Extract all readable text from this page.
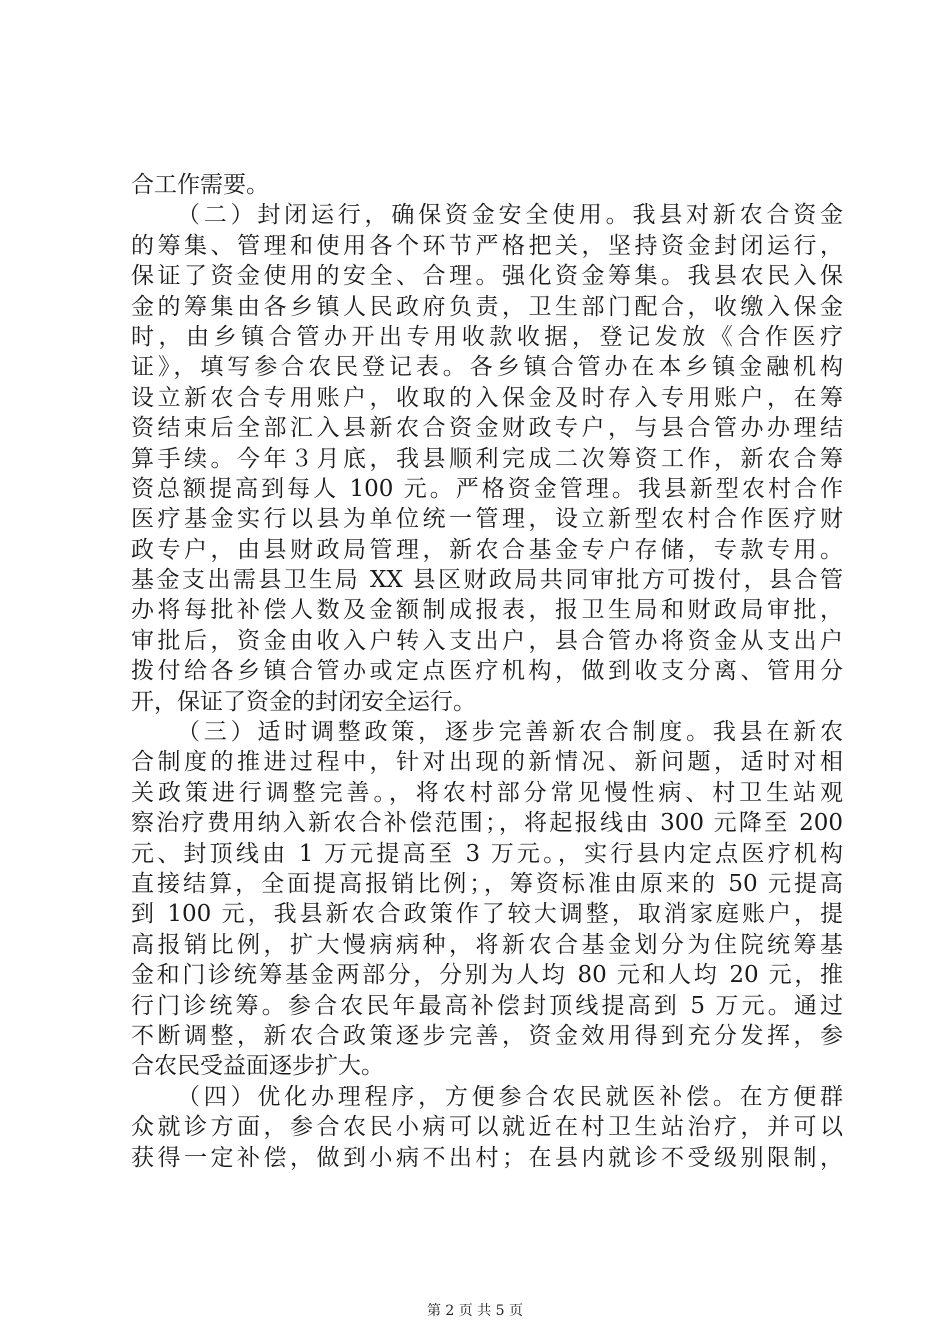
合工作需要。
（二）封闭运行，确保资金安全使用。我县对新农合资金
的筹集、管理和使用各个环节严格把关，坚持资金封闭运行，
保证了资金使用的安全、合理。强化资金筹集。我县农民入保
金的筹集由各乡镇人民政府负责，卫生部门配合，收缴入保金
时，由乡镇合管办开出专用收款收据，登记发放《合作医疗
证》，填写参合农民登记表。各乡镇合管办在本乡镇金融机构
设立新农合专用账户，收取的入保金及时存入专用账户，在筹
资结束后全部汇入县新农合资金财政专户，与县合管办办理结
算手续。今年３月底，我县顺利完成二次筹资工作，新农合筹
资总额提高到每人 100 元。严格资金管理。我县新型农村合作
医疗基金实行以县为单位统一管理，设立新型农村合作医疗财
政专户，由县财政局管理，新农合基金专户存储，专款专用。
基金支出需县卫生局 XX 县区财政局共同审批方可拨付，县合管
办将每批补偿人数及金额制成报表，报卫生局和财政局审批，
审批后，资金由收入户转入支出户，县合管办将资金从支出户
拨付给各乡镇合管办或定点医疗机构，做到收支分离、管用分
开，保证了资金的封闭安全运行。
（三）适时调整政策，逐步完善新农合制度。我县在新农
合制度的推进过程中，针对出现的新情况、新问题，适时对相
关政策进行调整完善。，将农村部分常见慢性病、村卫生站观
察治疗费用纳入新农合补偿范围；，将起报线由 300 元降至 200
元、封顶线由 1 万元提高至 3 万元。，实行县内定点医疗机构
直接结算，全面提高报销比例；，筹资标准由原来的 50 元提高
到 100 元，我县新农合政策作了较大调整，取消家庭账户，提
高报销比例，扩大慢病病种，将新农合基金划分为住院统筹基
金和门诊统筹基金两部分，分别为人均 80 元和人均 20 元，推
行门诊统筹。参合农民年最高补偿封顶线提高到 5 万元。通过
不断调整，新农合政策逐步完善，资金效用得到充分发挥，参
合农民受益面逐步扩大。
（四）优化办理程序，方便参合农民就医补偿。在方便群
众就诊方面，参合农民小病可以就近在村卫生站治疗，并可以
获得一定补偿，做到小病不出村；在县内就诊不受级别限制，
第 2 页 共 5 页
